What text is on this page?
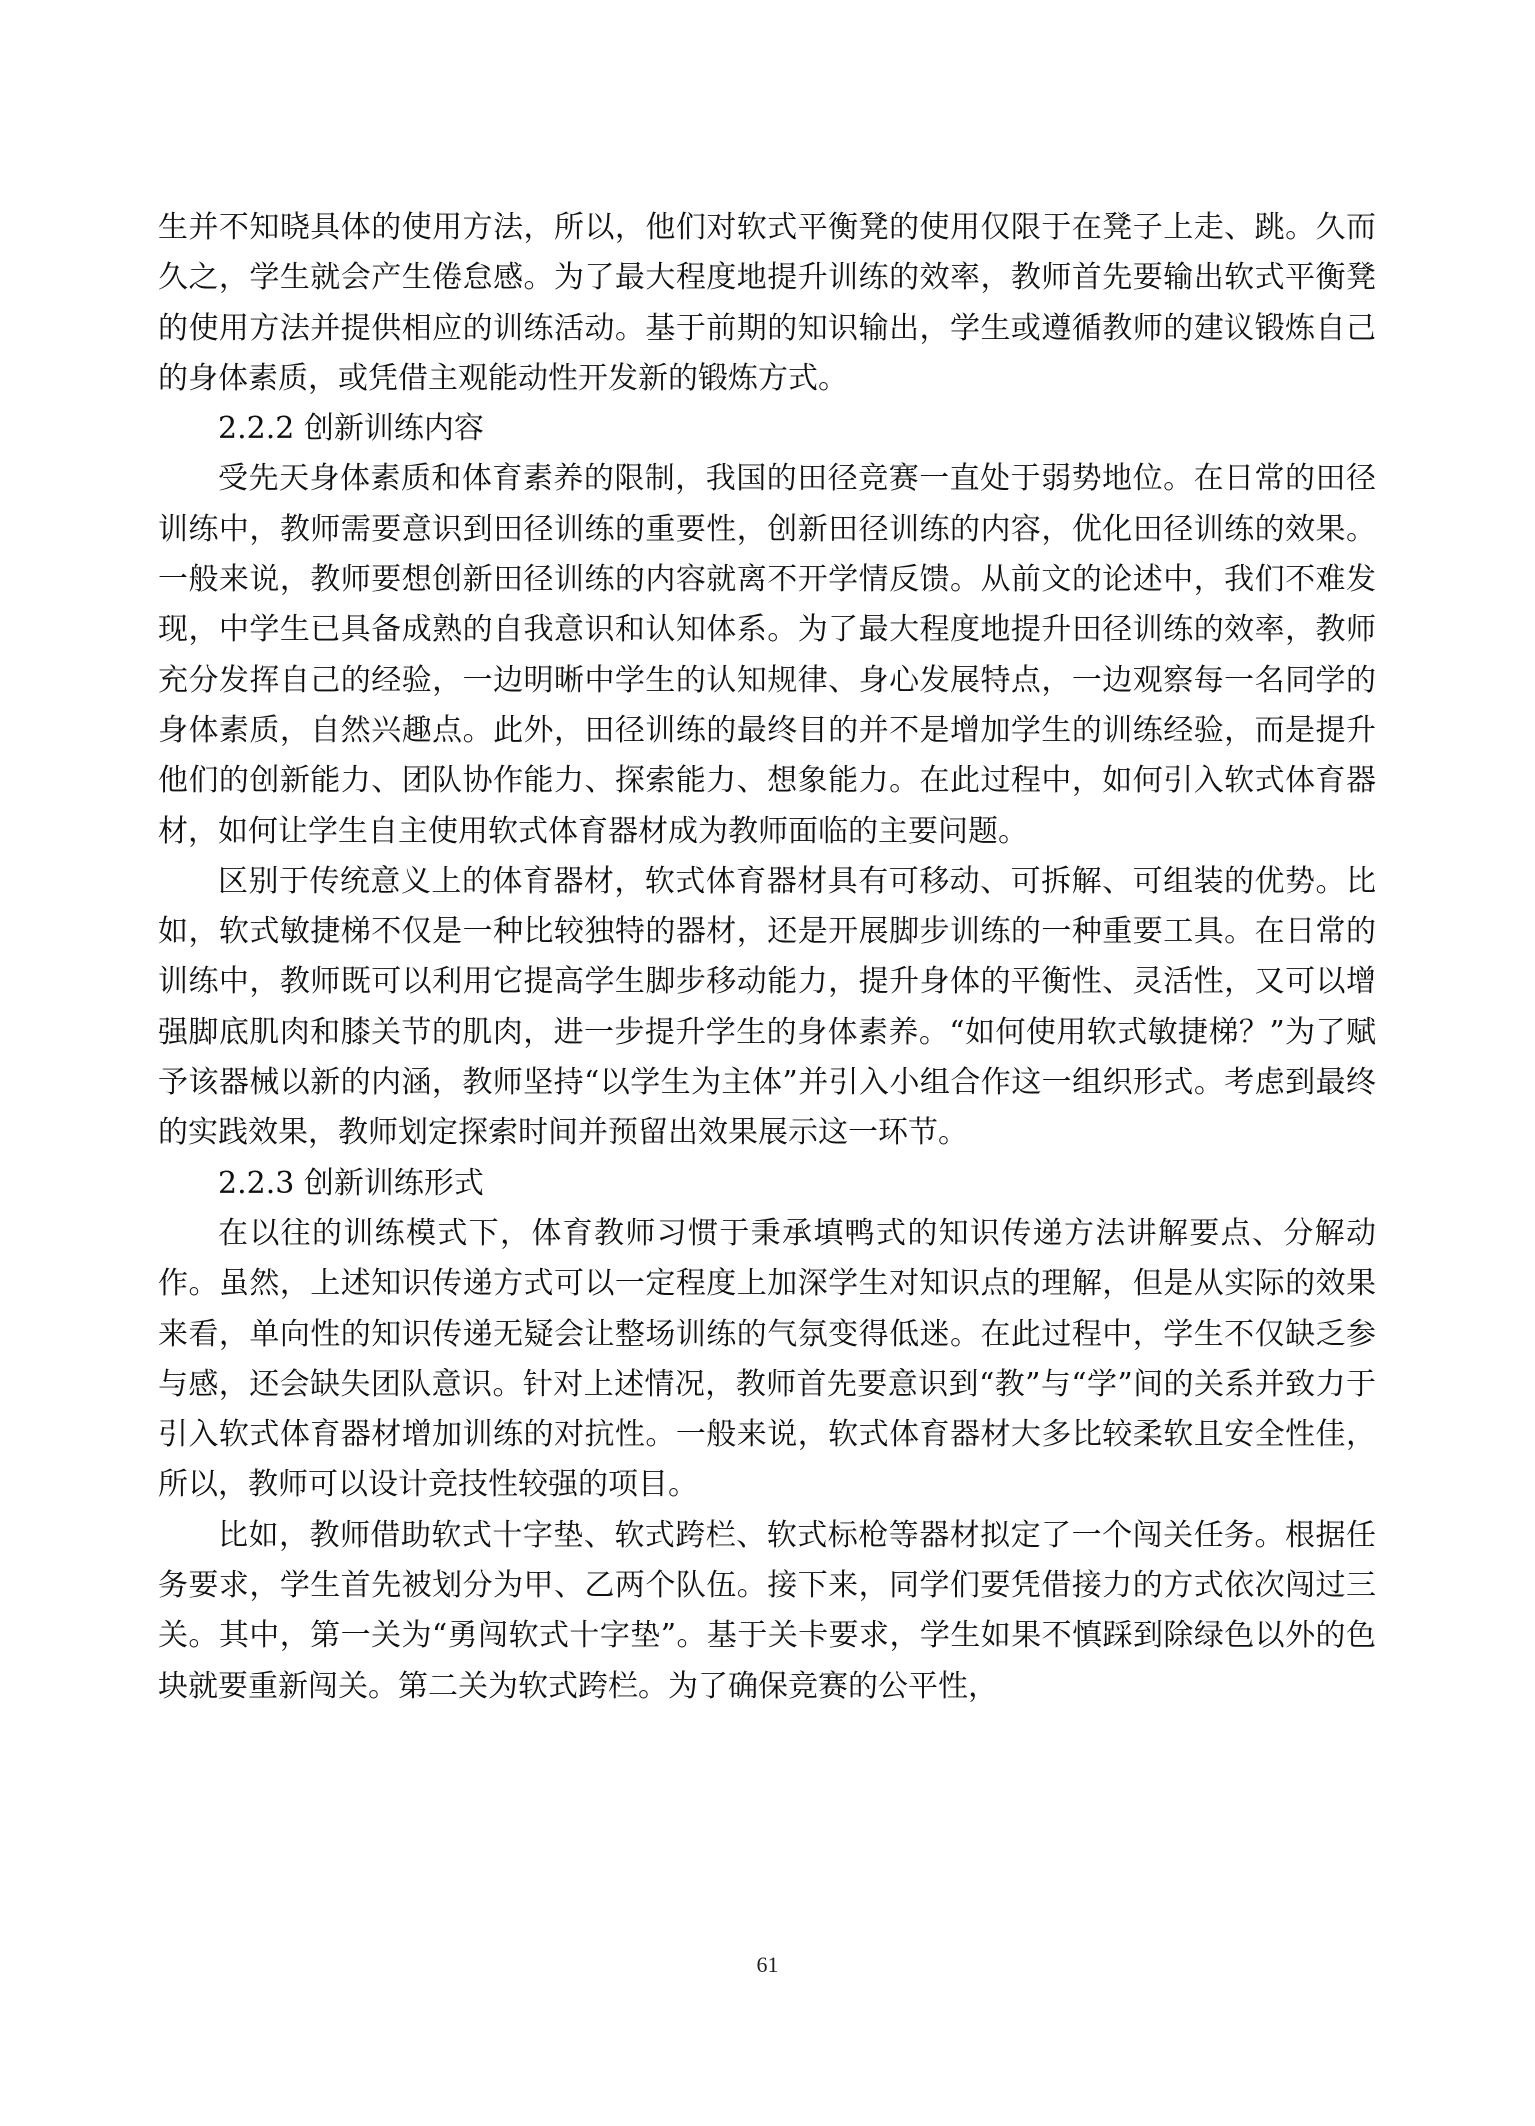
生并不知晓具体的使用方法，所以，他们对软式平衡凳的使用仅限于在凳子上走、跳。久而久之，学生就会产生倦怠感。为了最大程度地提升训练的效率，教师首先要输出软式平衡凳的使用方法并提供相应的训练活动。基于前期的知识输出，学生或遵循教师的建议锻炼自己的身体素质，或凭借主观能动性开发新的锻炼方式。

2.2.2 创新训练内容

受先天身体素质和体育素养的限制，我国的田径竞赛一直处于弱势地位。在日常的田径训练中，教师需要意识到田径训练的重要性，创新田径训练的内容，优化田径训练的效果。一般来说，教师要想创新田径训练的内容就离不开学情反馈。从前文的论述中，我们不难发现，中学生已具备成熟的自我意识和认知体系。为了最大程度地提升田径训练的效率，教师充分发挥自己的经验，一边明晰中学生的认知规律、身心发展特点，一边观察每一名同学的身体素质，自然兴趣点。此外，田径训练的最终目的并不是增加学生的训练经验，而是提升他们的创新能力、团队协作能力、探索能力、想象能力。在此过程中，如何引入软式体育器材，如何让学生自主使用软式体育器材成为教师面临的主要问题。

区别于传统意义上的体育器材，软式体育器材具有可移动、可拆解、可组装的优势。比如，软式敏捷梯不仅是一种比较独特的器材，还是开展脚步训练的一种重要工具。在日常的训练中，教师既可以利用它提高学生脚步移动能力，提升身体的平衡性、灵活性，又可以增强脚底肌肉和膝关节的肌肉，进一步提升学生的身体素养。“如何使用软式敏捷梯？”为了赋予该器械以新的内涵，教师坚持“以学生为主体”并引入小组合作这一组织形式。考虑到最终的实践效果，教师划定探索时间并预留出效果展示这一环节。

2.2.3 创新训练形式

在以往的训练模式下，体育教师习惯于秉承填鸭式的知识传递方法讲解要点、分解动作。虽然，上述知识传递方式可以一定程度上加深学生对知识点的理解，但是从实际的效果来看，单向性的知识传递无疑会让整场训练的气氛变得低迷。在此过程中，学生不仅缺乏参与感，还会缺失团队意识。针对上述情况，教师首先要意识到“教”与“学”间的关系并致力于引入软式体育器材增加训练的对抗性。一般来说，软式体育器材大多比较柔软且安全性佳，所以，教师可以设计竞技性较强的项目。

比如，教师借助软式十字垫、软式跨栏、软式标枪等器材拟定了一个闯关任务。根据任务要求，学生首先被划分为甲、乙两个队伍。接下来，同学们要凭借接力的方式依次闯过三关。其中，第一关为“勇闯软式十字垫”。基于关卡要求，学生如果不慎踩到除绿色以外的色块就要重新闯关。第二关为软式跨栏。为了确保竞赛的公平性，

61
